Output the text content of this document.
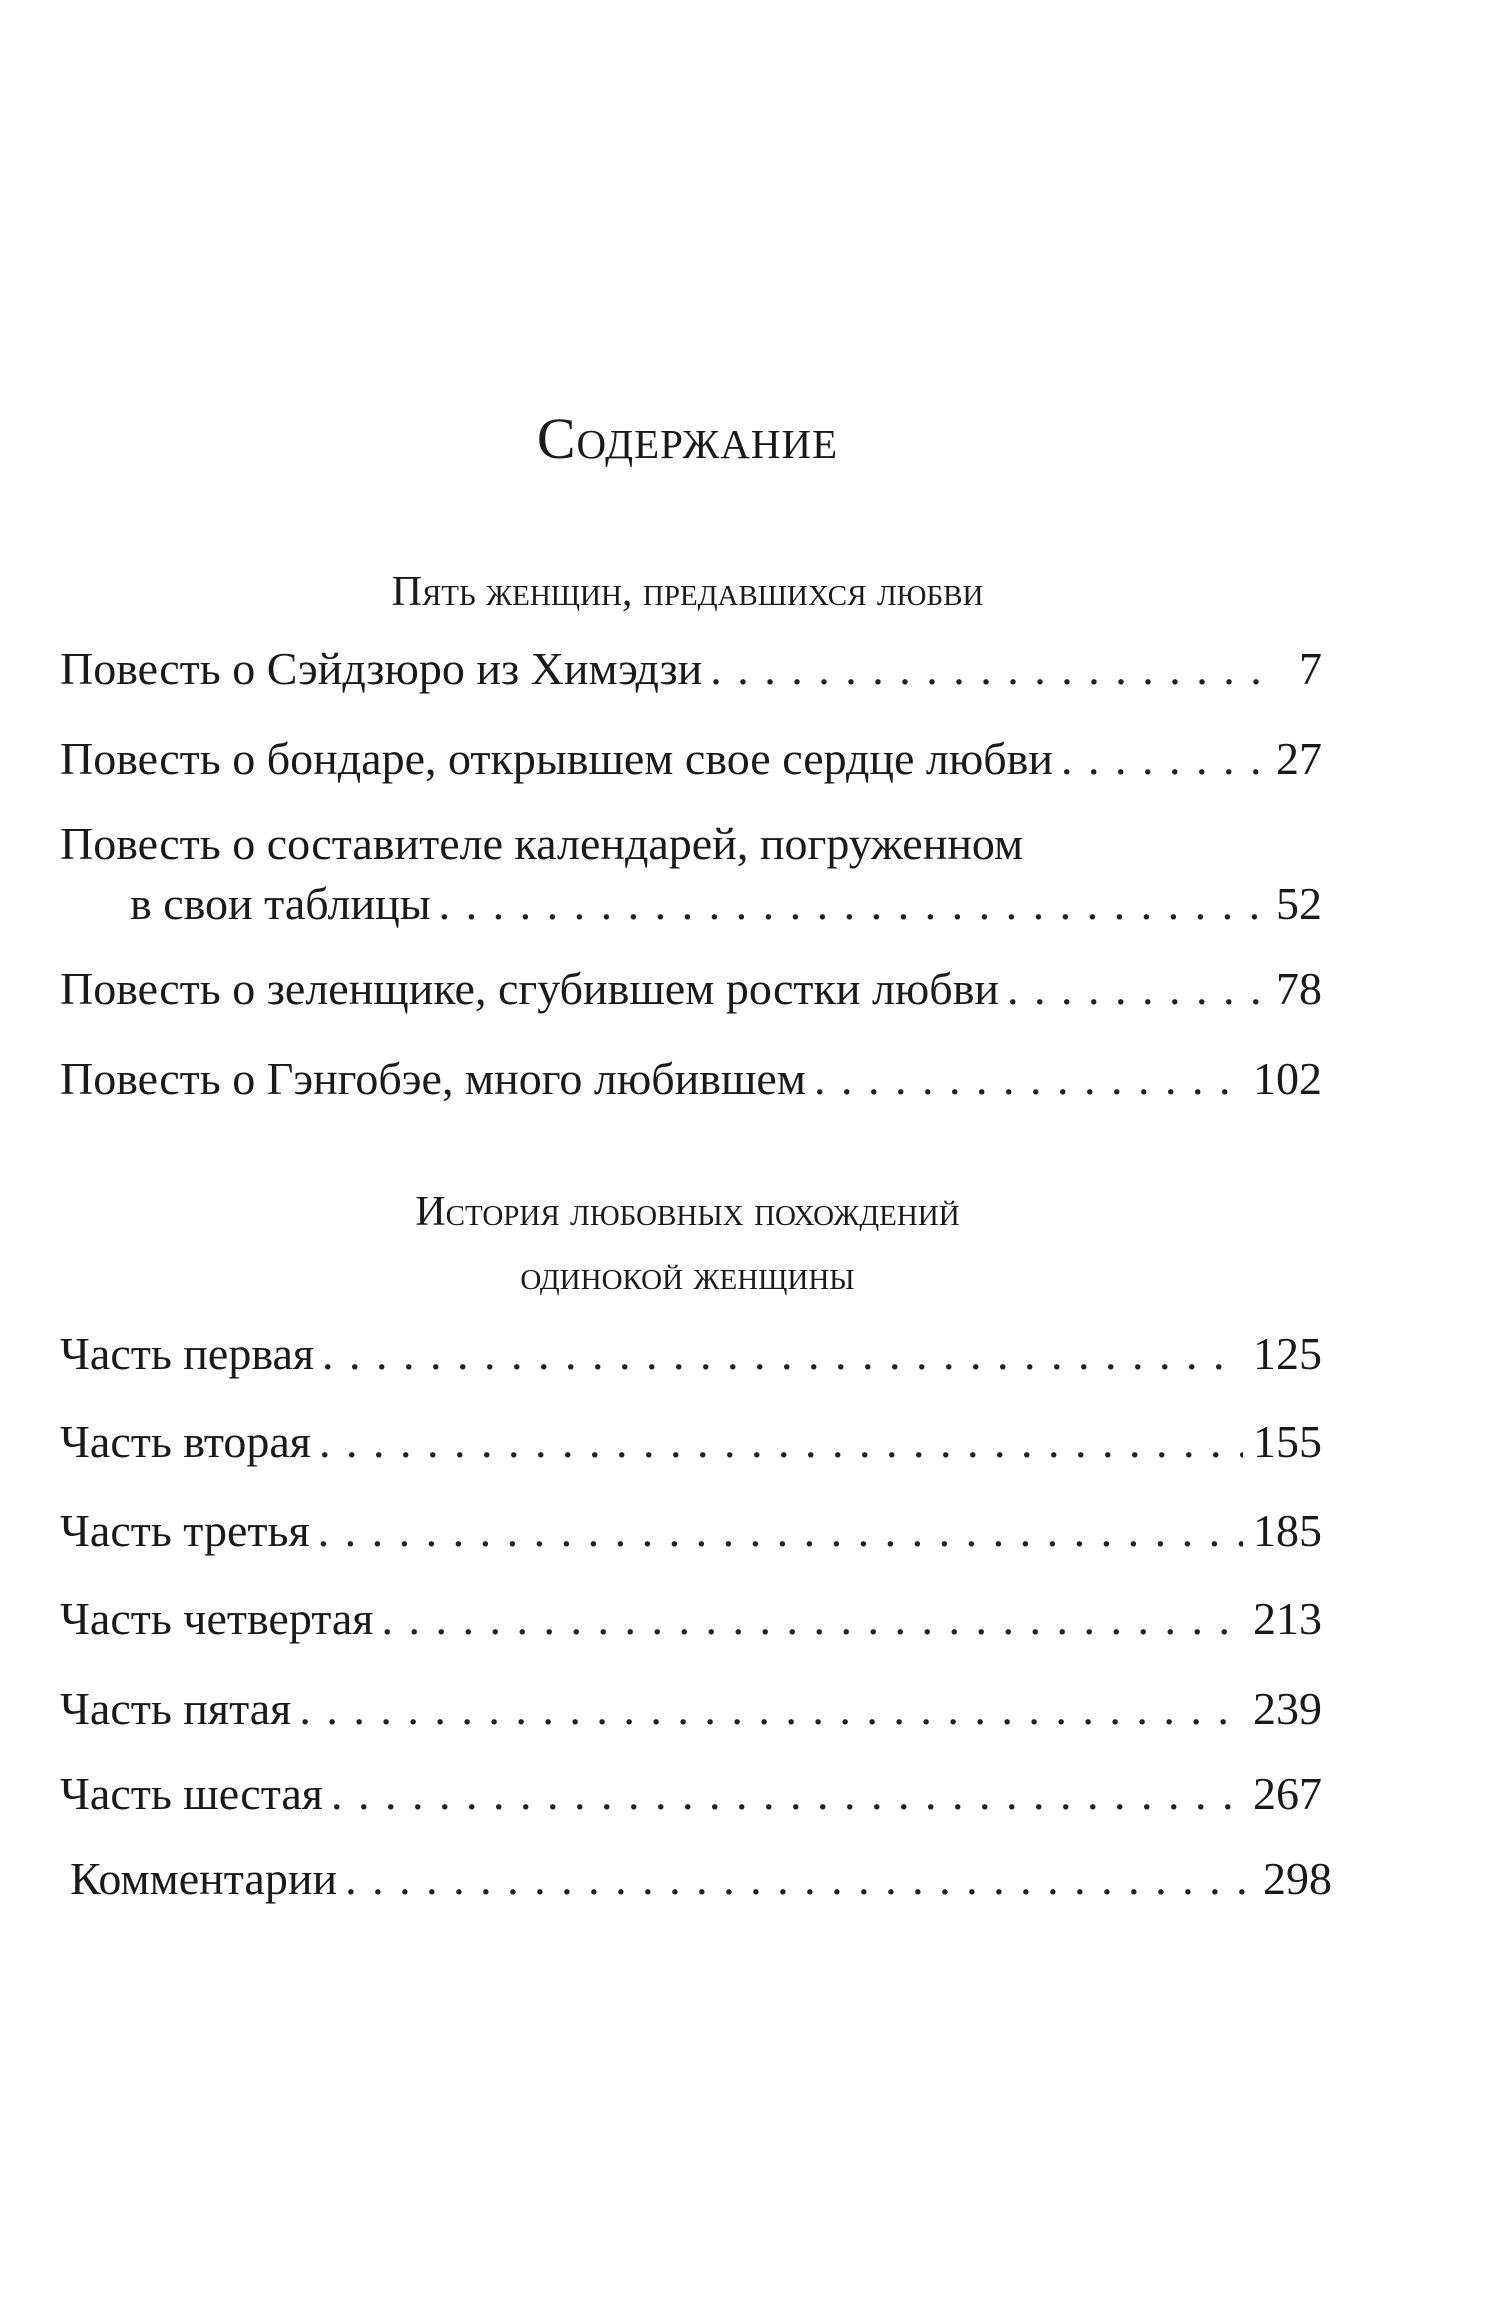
Содержание
Пять женщин, предавшихся любви
Повесть о Сэйдзюро из Химэдзи . . .	7
Повесть о бондаре, открывшем свое сердце любви . . .	27
Повесть о составителе календарей, погруженном
в свои таблицы . . .	52
Повесть о зеленщике, сгубившем ростки любви . . .	78
Повесть о Гэнгобэе, много любившем . . .	102
История любовных похождений
одинокой женщины
Часть первая . . .	125
Часть вторая . . .	155
Часть третья . . .	185
Часть четвертая . . .	213
Часть пятая . . .	239
Часть шестая . . .	267
Комментарии . . .	298
